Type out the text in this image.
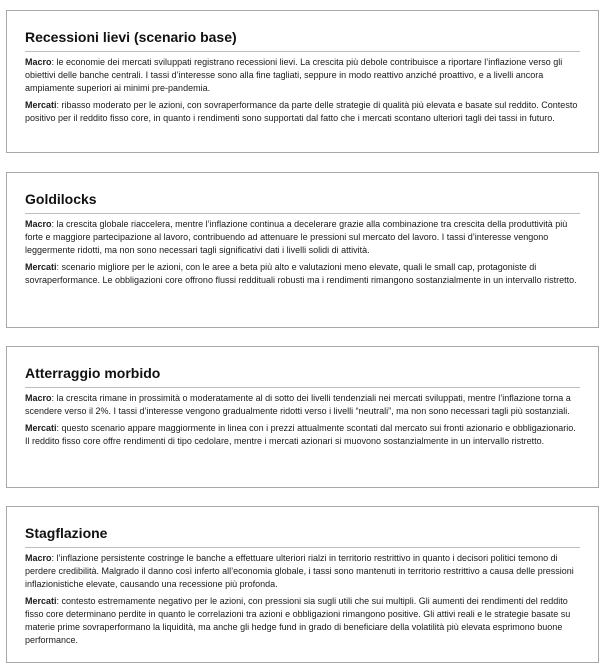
Recessioni lievi (scenario base)

Macro: le economie dei mercati sviluppati registrano recessioni lievi. La crescita più debole contribuisce a riportare l’inflazione verso gli obiettivi delle banche centrali. I tassi d’interesse sono alla fine tagliati, seppure in modo reattivo anziché proattivo, e a livelli ancora ampiamente superiori ai minimi pre-pandemia.

Mercati: ribasso moderato per le azioni, con sovraperformance da parte delle strategie di qualità più elevata e basate sul reddito. Contesto positivo per il reddito fisso core, in quanto i rendimenti sono supportati dal fatto che i mercati scontano ulteriori tagli dei tassi in futuro.

Goldilocks

Macro: la crescita globale riaccelera, mentre l’inflazione continua a decelerare grazie alla combinazione tra crescita della produttività più forte e maggiore partecipazione al lavoro, contribuendo ad attenuare le pressioni sul mercato del lavoro. I tassi d’interesse vengono leggermente ridotti, ma non sono necessari tagli significativi dati i livelli solidi di attività.

Mercati: scenario migliore per le azioni, con le aree a beta più alto e valutazioni meno elevate, quali le small cap, protagoniste di sovraperformance. Le obbligazioni core offrono flussi reddituali robusti ma i rendimenti rimangono sostanzialmente in un intervallo ristretto.

Atterraggio morbido

Macro: la crescita rimane in prossimità o moderatamente al di sotto dei livelli tendenziali nei mercati sviluppati, mentre l’inflazione torna a scendere verso il 2%. I tassi d’interesse vengono gradualmente ridotti verso i livelli “neutrali”, ma non sono necessari tagli più sostanziali.

Mercati: questo scenario appare maggiormente in linea con i prezzi attualmente scontati dal mercato sui fronti azionario e obbligazionario. Il reddito fisso core offre rendimenti di tipo cedolare, mentre i mercati azionari si muovono sostanzialmente in un intervallo ristretto.

Stagflazione

Macro: l’inflazione persistente costringe le banche a effettuare ulteriori rialzi in territorio restrittivo in quanto i decisori politici temono di perdere credibilità. Malgrado il danno così inferto all’economia globale, i tassi sono mantenuti in territorio restrittivo a causa delle pressioni inflazionistiche elevate, causando una recessione più profonda.

Mercati: contesto estremamente negativo per le azioni, con pressioni sia sugli utili che sui multipli. Gli aumenti dei rendimenti del reddito fisso core determinano perdite in quanto le correlazioni tra azioni e obbligazioni rimangono positive. Gli attivi reali e le strategie basate su materie prime sovraperformano la liquidità, ma anche gli hedge fund in grado di beneficiare della volatilità più elevata esprimono buone performance.
